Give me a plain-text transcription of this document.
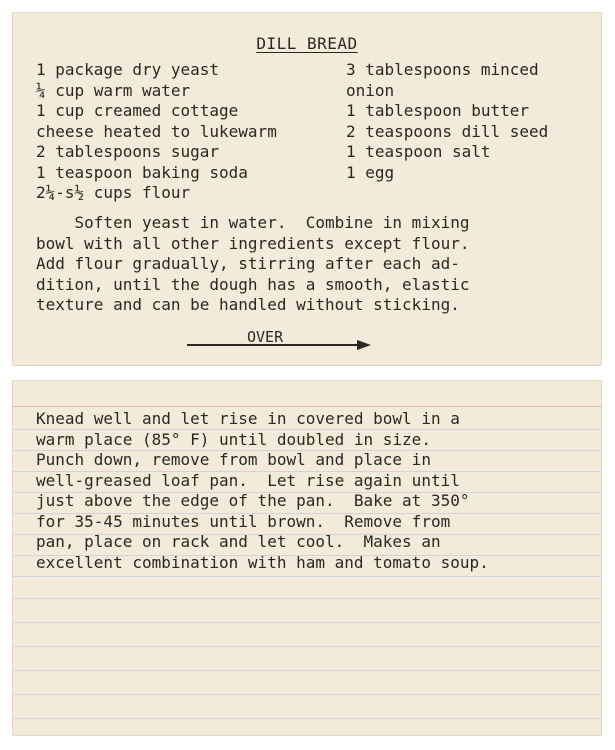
DILL BREAD
1 package dry yeast
¼ cup warm water
1 cup creamed cottage
cheese heated to lukewarm
2 tablespoons sugar
1 teaspoon baking soda
2¼-s½ cups flour
3 tablespoons minced
onion
1 tablespoon butter
2 teaspoons dill seed
1 teaspoon salt
1 egg
Soften yeast in water.  Combine in mixing
bowl with all other ingredients except flour.
Add flour gradually, stirring after each ad-
dition, until the dough has a smooth, elastic
texture and can be handled without sticking.
OVER
Knead well and let rise in covered bowl in a
warm place (85° F) until doubled in size.
Punch down, remove from bowl and place in
well-greased loaf pan.  Let rise again until
just above the edge of the pan.  Bake at 350°
for 35-45 minutes until brown.  Remove from
pan, place on rack and let cool.  Makes an
excellent combination with ham and tomato soup.
